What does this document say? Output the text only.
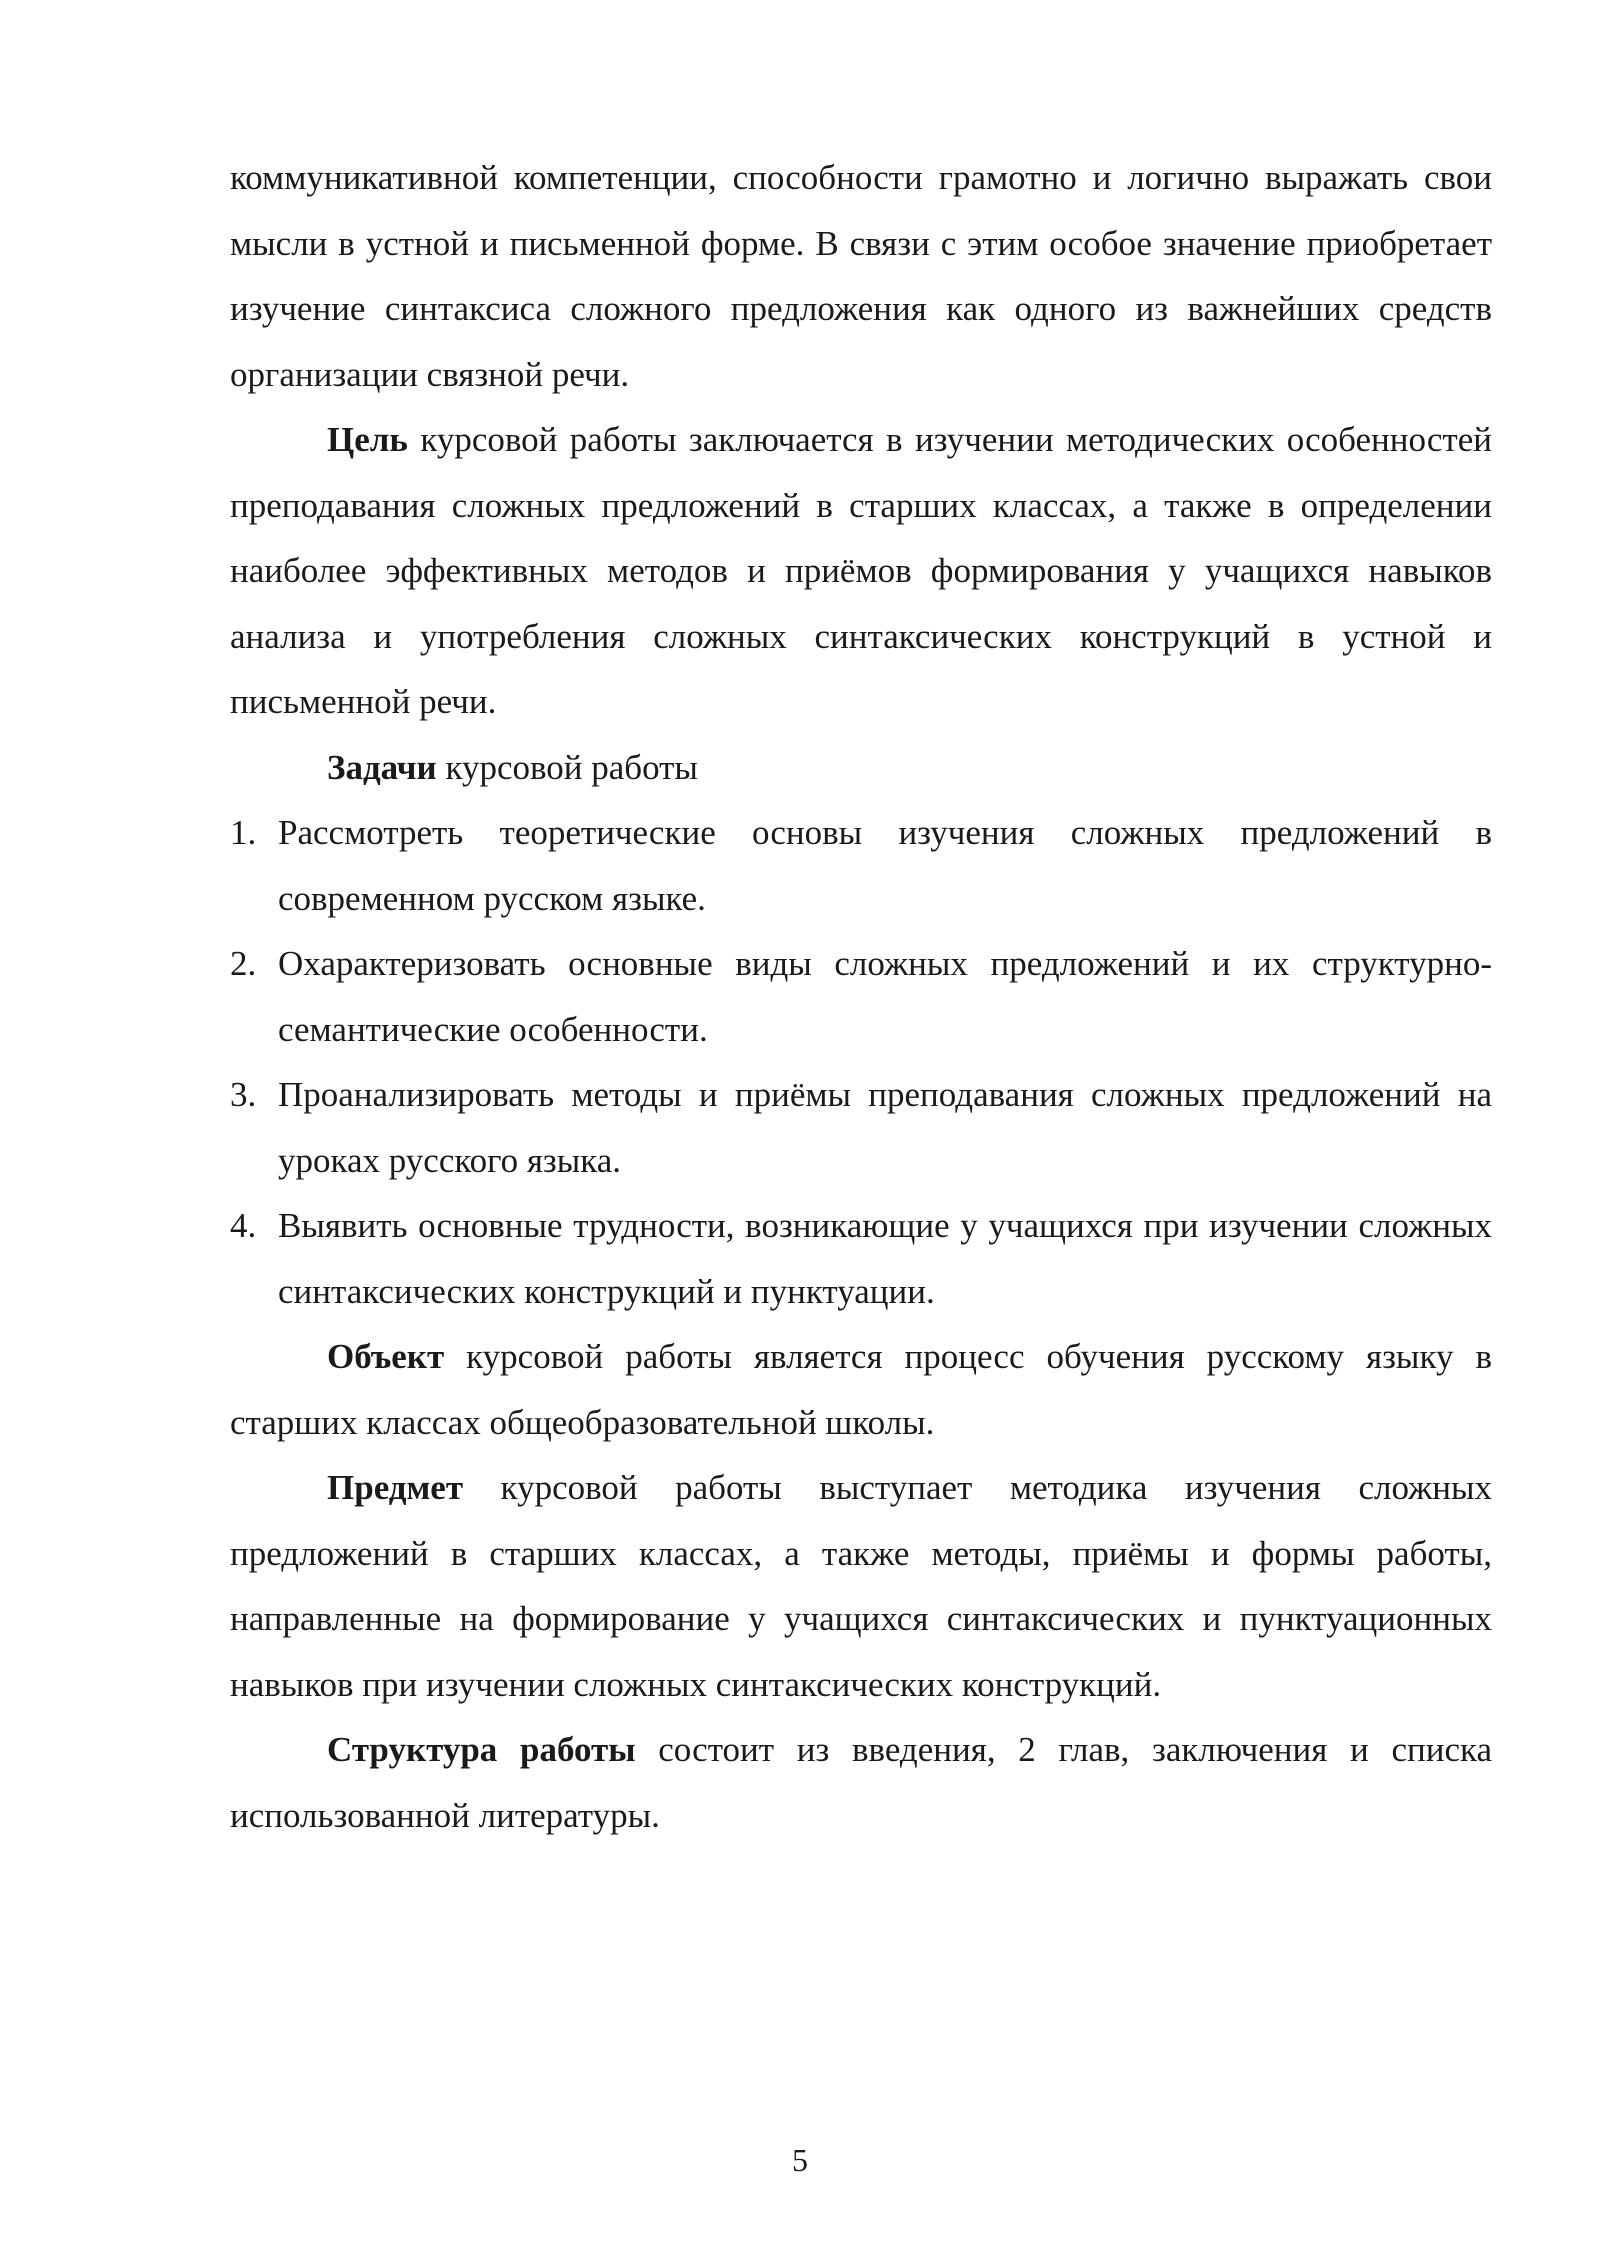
коммуникативной компетенции, способности грамотно и логично выражать свои мысли в устной и письменной форме. В связи с этим особое значение приобретает изучение синтаксиса сложного предложения как одного из важнейших средств организации связной речи.

Цель курсовой работы заключается в изучении методических особенностей преподавания сложных предложений в старших классах, а также в определении наиболее эффективных методов и приёмов формирования у учащихся навыков анализа и употребления сложных синтаксических конструкций в устной и письменной речи.

Задачи курсовой работы

1. Рассмотреть теоретические основы изучения сложных предложений в современном русском языке.
2. Охарактеризовать основные виды сложных предложений и их структурно-семантические особенности.
3. Проанализировать методы и приёмы преподавания сложных предложений на уроках русского языка.
4. Выявить основные трудности, возникающие у учащихся при изучении сложных синтаксических конструкций и пунктуации.

Объект курсовой работы является процесс обучения русскому языку в старших классах общеобразовательной школы.

Предмет курсовой работы выступает методика изучения сложных предложений в старших классах, а также методы, приёмы и формы работы, направленные на формирование у учащихся синтаксических и пунктуационных навыков при изучении сложных синтаксических конструкций.

Структура работы состоит из введения, 2 глав, заключения и списка использованной литературы.

5
